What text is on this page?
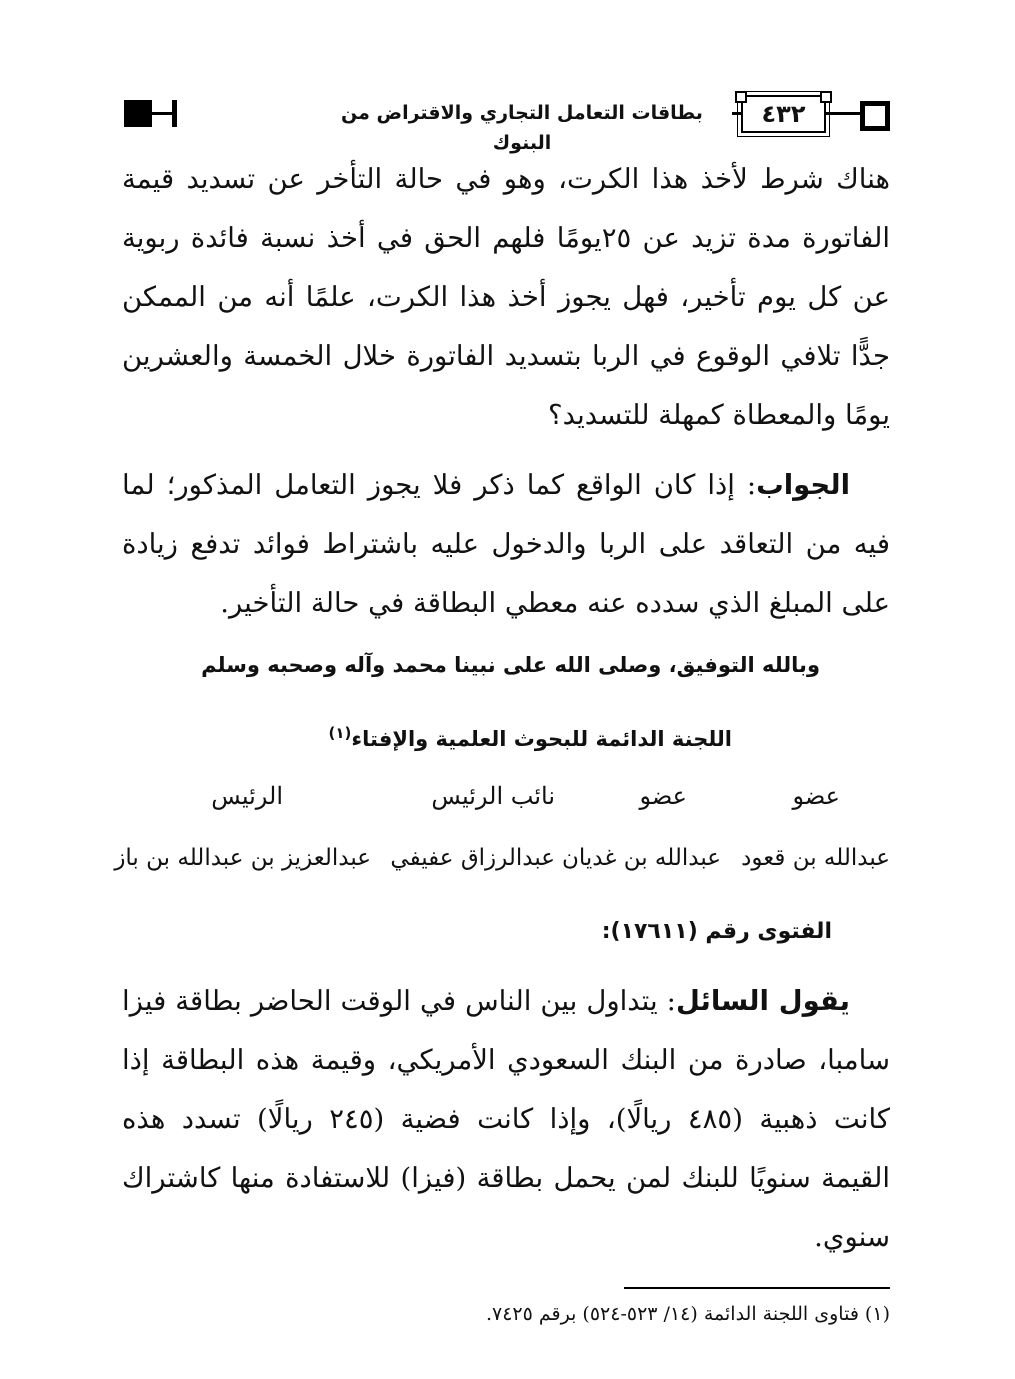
بطاقات التعامل التجاري والاقتراض من البنوك
٤٣٢

هناك شرط لأخذ هذا الكرت، وهو في حالة التأخر عن تسديد قيمة الفاتورة مدة تزيد عن ٢٥يومًا فلهم الحق في أخذ نسبة فائدة ربوية عن كل يوم تأخير، فهل يجوز أخذ هذا الكرت، علمًا أنه من الممكن جدًّا تلافي الوقوع في الربا بتسديد الفاتورة خلال الخمسة والعشرين يومًا والمعطاة كمهلة للتسديد؟

الجواب: إذا كان الواقع كما ذكر فلا يجوز التعامل المذكور؛ لما فيه من التعاقد على الربا والدخول عليه باشتراط فوائد تدفع زيادة على المبلغ الذي سدده عنه معطي البطاقة في حالة التأخير.

وبالله التوفيق، وصلى الله على نبينا محمد وآله وصحبه وسلم

اللجنة الدائمة للبحوث العلمية والإفتاء$^{(١)}$

عضو
عضو
نائب الرئيس
الرئيس
عبدالله بن قعود
عبدالله بن غديان
عبدالرزاق عفيفي
عبدالعزيز بن عبدالله بن باز

الفتوى رقم (١٧٦١١):

يقول السائل: يتداول بين الناس في الوقت الحاضر بطاقة فيزا سامبا، صادرة من البنك السعودي الأمريكي، وقيمة هذه البطاقة إذا كانت ذهبية (٤٨٥ ريالًا)، وإذا كانت فضية (٢٤٥ ريالًا) تسدد هذه القيمة سنويًا للبنك لمن يحمل بطاقة (فيزا) للاستفادة منها كاشتراك سنوي.

(١) فتاوى اللجنة الدائمة (١٤/ ٥٢٣-٥٢٤) برقم ٧٤٢٥.
